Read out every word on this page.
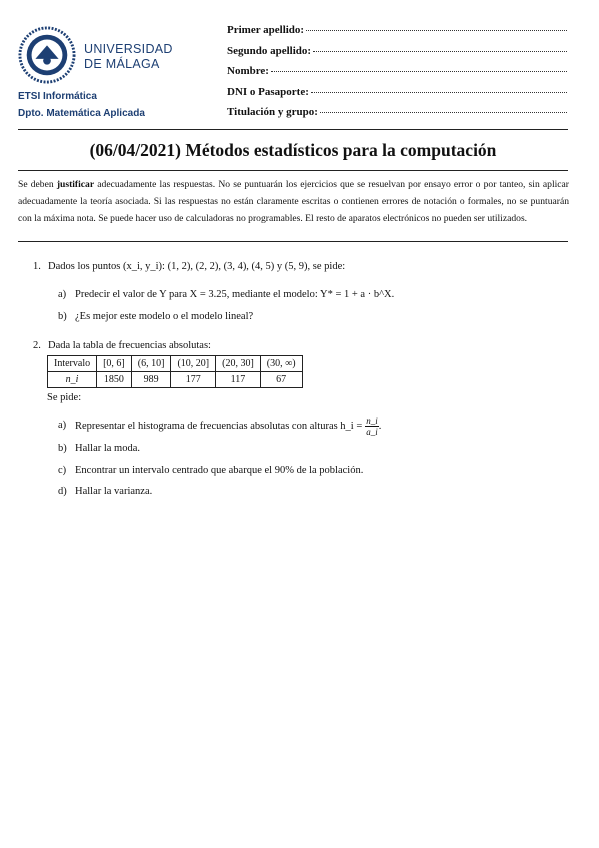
UNIVERSIDAD
DE MÁLAGA
ETSI Informática
Dpto. Matemática Aplicada
Primer apellido:
Segundo apellido:
Nombre:
DNI o Pasaporte:
Titulación y grupo:
(06/04/2021) Métodos estadísticos para la computación
Se deben justificar adecuadamente las respuestas. No se puntuarán los ejercicios que se resuelvan por ensayo error o por tanteo, sin aplicar adecuadamente la teoría asociada. Si las respuestas no están claramente escritas o contienen errores de notación o formales, no se puntuarán con la máxima nota. Se puede hacer uso de calculadoras no programables. El resto de aparatos electrónicos no pueden ser utilizados.
1. Dados los puntos (x_i, y_i): (1, 2), (2, 2), (3, 4), (4, 5) y (5, 9), se pide:
a) Predecir el valor de Y para X = 3.25, mediante el modelo: Y* = 1 + a · b^X.
b) ¿Es mejor este modelo o el modelo lineal?
2. Dada la tabla de frecuencias absolutas:
Intervalo	[0, 6]	(6, 10]	(10, 20]	(20, 30]	(30, ∞)
n_i	1850	989	177	117	67
Se pide:
a) Representar el histograma de frecuencias absolutas con alturas h_i = $\frac{n\_i}{a\_i}$ .
b) Hallar la moda.
c) Encontrar un intervalo centrado que abarque el 90% de la población.
d) Hallar la varianza.
